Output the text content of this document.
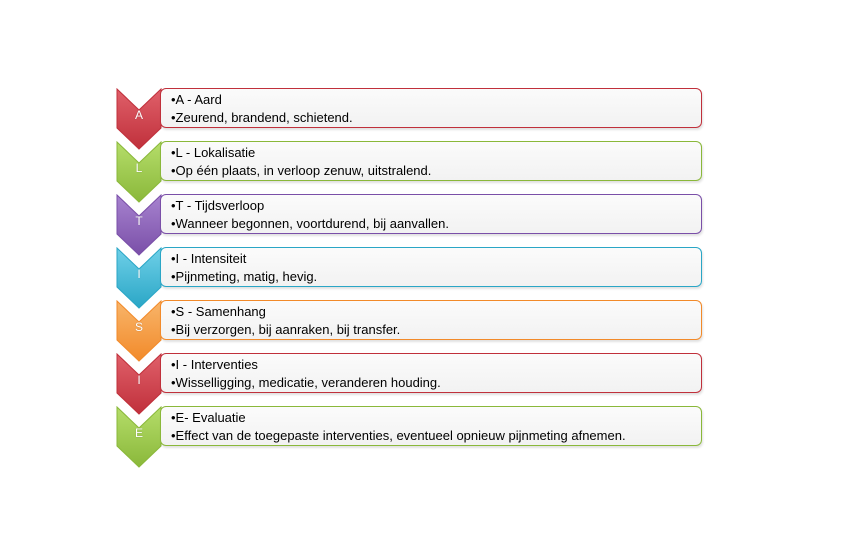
A
•A - Aard
•Zeurend, brandend, schietend.
L
•L - Lokalisatie
•Op één plaats, in verloop zenuw, uitstralend.
T
•T - Tijdsverloop
•Wanneer begonnen, voortdurend, bij aanvallen.
I
•I - Intensiteit
•Pijnmeting, matig, hevig.
S
•S - Samenhang
•Bij verzorgen, bij aanraken, bij transfer.
I
•I - Interventies
•Wisselligging, medicatie, veranderen houding.
E
•E- Evaluatie
•Effect van de toegepaste interventies, eventueel opnieuw pijnmeting afnemen.
